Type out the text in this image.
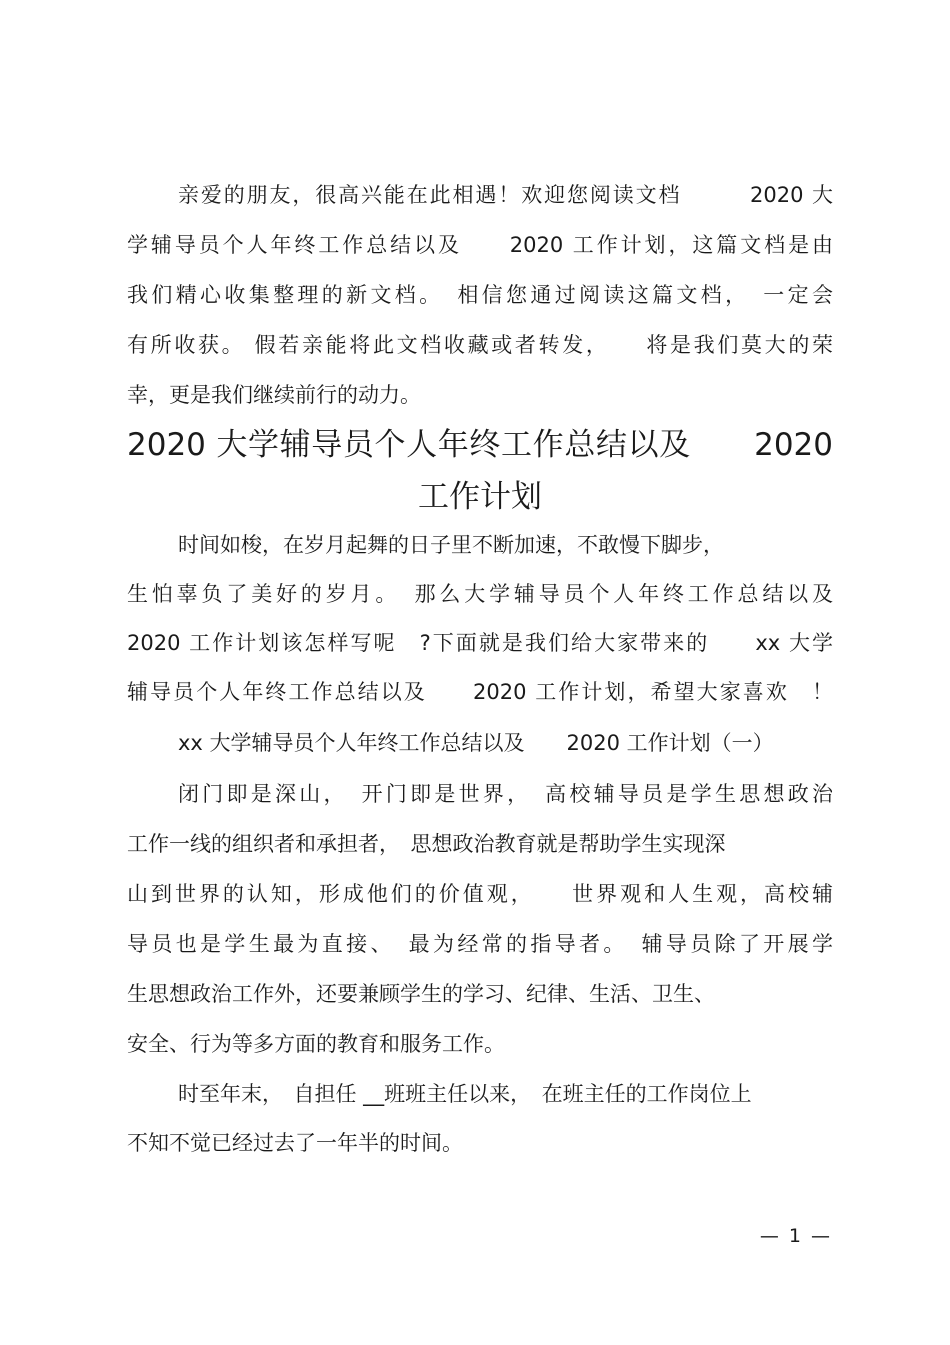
亲爱的朋友，很高兴能在此相遇！欢迎您阅读文档　　　2020 大
学辅导员个人年终工作总结以及　　2020 工作计划，这篇文档是由
我们精心收集整理的新文档。　相信您通过阅读这篇文档，　一定会
有所收获。 假若亲能将此文档收藏或者转发，　　将是我们莫大的荣
幸，更是我们继续前行的动力。
2020 大学辅导员个人年终工作总结以及　　2020
工作计划
时间如梭，在岁月起舞的日子里不断加速，不敢慢下脚步，
生怕辜负了美好的岁月。　那么大学辅导员个人年终工作总结以及
2020 工作计划该怎样写呢　?下面就是我们给大家带来的　　xx 大学
辅导员个人年终工作总结以及　　2020 工作计划，希望大家喜欢　！
xx 大学辅导员个人年终工作总结以及　　2020 工作计划（一）
闭门即是深山，　开门即是世界，　高校辅导员是学生思想政治
工作一线的组织者和承担者，　思想政治教育就是帮助学生实现深
山到世界的认知，形成他们的价值观，　　世界观和人生观，高校辅
导员也是学生最为直接、　最为经常的指导者。　辅导员除了开展学
生思想政治工作外，还要兼顾学生的学习、纪律、生活、卫生、
安全、行为等多方面的教育和服务工作。
时至年末，　自担任 __班班主任以来，　在班主任的工作岗位上
不知不觉已经过去了一年半的时间。
— 1 —
